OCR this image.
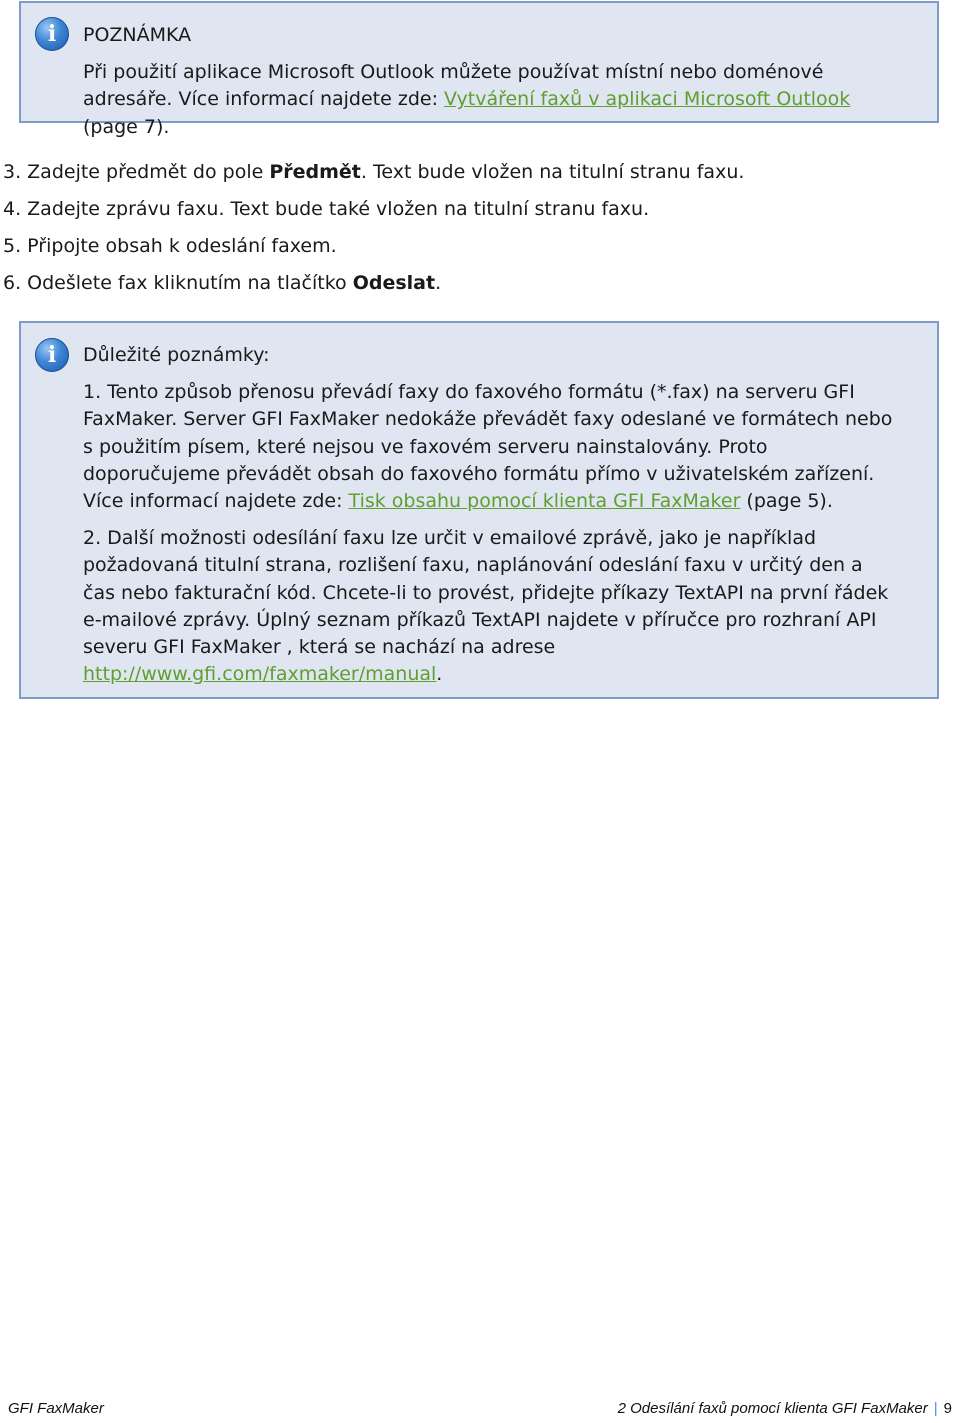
i
POZNÁMKA

Při použití aplikace Microsoft Outlook můžete používat místní nebo doménové adresáře. Více informací najdete zde: Vytváření faxů v aplikaci Microsoft Outlook (page 7).

3. Zadejte předmět do pole Předmět. Text bude vložen na titulní stranu faxu.
4. Zadejte zprávu faxu. Text bude také vložen na titulní stranu faxu.
5. Připojte obsah k odeslání faxem.
6. Odešlete fax kliknutím na tlačítko Odeslat.
i
Důležité poznámky:

1. Tento způsob přenosu převádí faxy do faxového formátu (*.fax) na serveru GFI FaxMaker. Server GFI FaxMaker nedokáže převádět faxy odeslané ve formátech nebo s použitím písem, které nejsou ve faxovém serveru nainstalovány. Proto doporučujeme převádět obsah do faxového formátu přímo v uživatelském zařízení. Více informací najdete zde: Tisk obsahu pomocí klienta GFI FaxMaker (page 5).

2. Další možnosti odesílání faxu lze určit v emailové zprávě, jako je například požadovaná titulní strana, rozlišení faxu, naplánování odeslání faxu v určitý den a čas nebo fakturační kód. Chcete-li to provést, přidejte příkazy TextAPI na první řádek e-mailové zprávy. Úplný seznam příkazů TextAPI najdete v příručce pro rozhraní API severu GFI FaxMaker , která se nachází na adrese http://www.gfi.com/faxmaker/manual.

GFI FaxMaker	2 Odesílání faxů pomocí klienta GFI FaxMaker | 9
